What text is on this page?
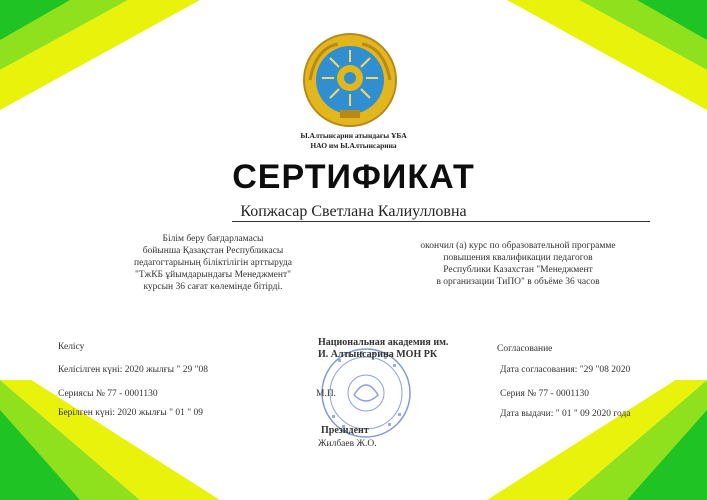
Ы.Алтынсарин атындағы ҰБА
НАО им Ы.Алтынсарина
СЕРТИФИКАТ
Копжасар Светлана Калиулловна
Білім беру бағдарламасы
бойынша Қазақстан Республикасы
педагогтарының біліктілігін арттыруда
"ТжКБ ұйымдарындағы Менеджмент"
курсын 36 сағат көлемінде бітірді.
окончил (а) курс по образовательной программе
повышения квалификации педагогов
Республики Казахстан "Менеджмент
в организации ТиПО" в объёме 36 часов
Келісу
Келісілген күні: 2020 жылғы " 29 "08
Сериясы № 77 - 0001130
Берілген күні: 2020 жылғы " 01 " 09
Национальная академия им.
И. Алтынсарина МОН РК
М.П.
Президент
Жилбаев Ж.О.
Согласование
Дата согласования: "29 "08 2020
Серия № 77 - 0001130
Дата выдачи: " 01 " 09 2020 года
